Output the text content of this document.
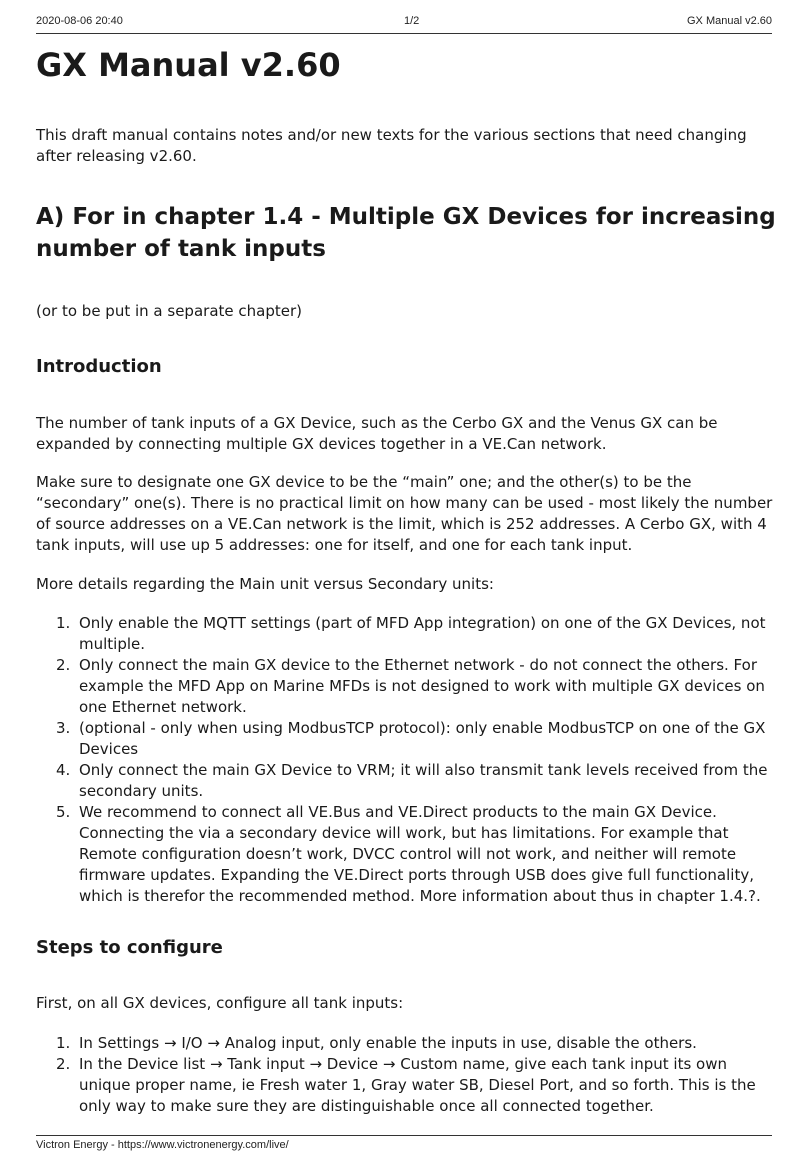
2020-08-06 20:40	1/2	GX Manual v2.60
GX Manual v2.60

This draft manual contains notes and/or new texts for the various sections that need changing after releasing v2.60.

A) For in chapter 1.4 - Multiple GX Devices for increasing number of tank inputs

(or to be put in a separate chapter)

Introduction

The number of tank inputs of a GX Device, such as the Cerbo GX and the Venus GX can be expanded by connecting multiple GX devices together in a VE.Can network.

Make sure to designate one GX device to be the “main” one; and the other(s) to be the “secondary” one(s). There is no practical limit on how many can be used - most likely the number of source addresses on a VE.Can network is the limit, which is 252 addresses. A Cerbo GX, with 4 tank inputs, will use up 5 addresses: one for itself, and one for each tank input.

More details regarding the Main unit versus Secondary units:

1. Only enable the MQTT settings (part of MFD App integration) on one of the GX Devices, not multiple.
2. Only connect the main GX device to the Ethernet network - do not connect the others. For example the MFD App on Marine MFDs is not designed to work with multiple GX devices on one Ethernet network.
3. (optional - only when using ModbusTCP protocol): only enable ModbusTCP on one of the GX Devices
4. Only connect the main GX Device to VRM; it will also transmit tank levels received from the secondary units.
5. We recommend to connect all VE.Bus and VE.Direct products to the main GX Device. Connecting the via a secondary device will work, but has limitations. For example that Remote configuration doesn’t work, DVCC control will not work, and neither will remote firmware updates. Expanding the VE.Direct ports through USB does give full functionality, which is therefor the recommended method. More information about thus in chapter 1.4.?.
Steps to configure

First, on all GX devices, configure all tank inputs:

1. In Settings → I/O → Analog input, only enable the inputs in use, disable the others.
2. In the Device list → Tank input → Device → Custom name, give each tank input its own unique proper name, ie Fresh water 1, Gray water SB, Diesel Port, and so forth. This is the only way to make sure they are distinguishable once all connected together.
Victron Energy - https://www.victronenergy.com/live/
